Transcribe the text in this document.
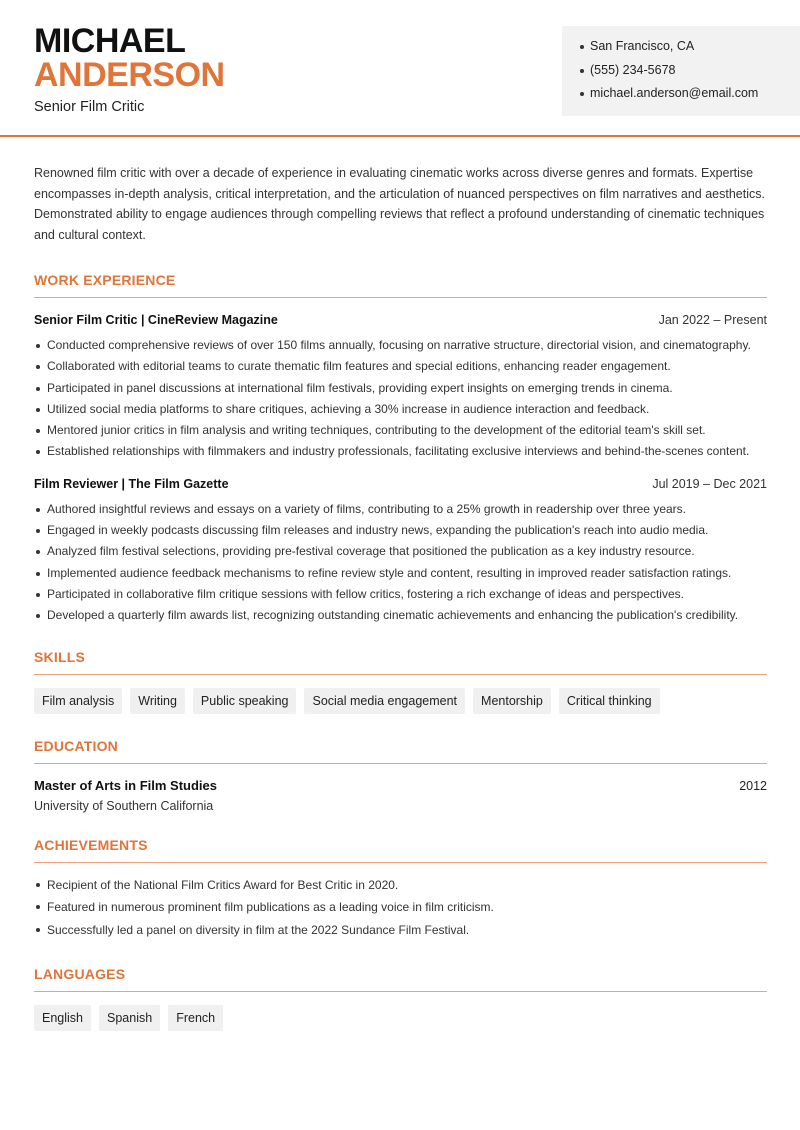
MICHAEL
ANDERSON
Senior Film Critic
San Francisco, CA
(555) 234-5678
michael.anderson@email.com

Renowned film critic with over a decade of experience in evaluating cinematic works across diverse genres and formats. Expertise encompasses in-depth analysis, critical interpretation, and the articulation of nuanced perspectives on film narratives and aesthetics. Demonstrated ability to engage audiences through compelling reviews that reflect a profound understanding of cinematic techniques and cultural context.

WORK EXPERIENCE
Senior Film Critic | CineReview Magazine	Jan 2022 – Present
Conducted comprehensive reviews of over 150 films annually, focusing on narrative structure, directorial vision, and cinematography.
Collaborated with editorial teams to curate thematic film features and special editions, enhancing reader engagement.
Participated in panel discussions at international film festivals, providing expert insights on emerging trends in cinema.
Utilized social media platforms to share critiques, achieving a 30% increase in audience interaction and feedback.
Mentored junior critics in film analysis and writing techniques, contributing to the development of the editorial team's skill set.
Established relationships with filmmakers and industry professionals, facilitating exclusive interviews and behind-the-scenes content.
Film Reviewer | The Film Gazette	Jul 2019 – Dec 2021
Authored insightful reviews and essays on a variety of films, contributing to a 25% growth in readership over three years.
Engaged in weekly podcasts discussing film releases and industry news, expanding the publication's reach into audio media.
Analyzed film festival selections, providing pre-festival coverage that positioned the publication as a key industry resource.
Implemented audience feedback mechanisms to refine review style and content, resulting in improved reader satisfaction ratings.
Participated in collaborative film critique sessions with fellow critics, fostering a rich exchange of ideas and perspectives.
Developed a quarterly film awards list, recognizing outstanding cinematic achievements and enhancing the publication's credibility.
SKILLS
Film analysis	Writing	Public speaking	Social media engagement	Mentorship	Critical thinking
EDUCATION
Master of Arts in Film Studies	2012
University of Southern California
ACHIEVEMENTS
Recipient of the National Film Critics Award for Best Critic in 2020.
Featured in numerous prominent film publications as a leading voice in film criticism.
Successfully led a panel on diversity in film at the 2022 Sundance Film Festival.
LANGUAGES
English	Spanish	French
